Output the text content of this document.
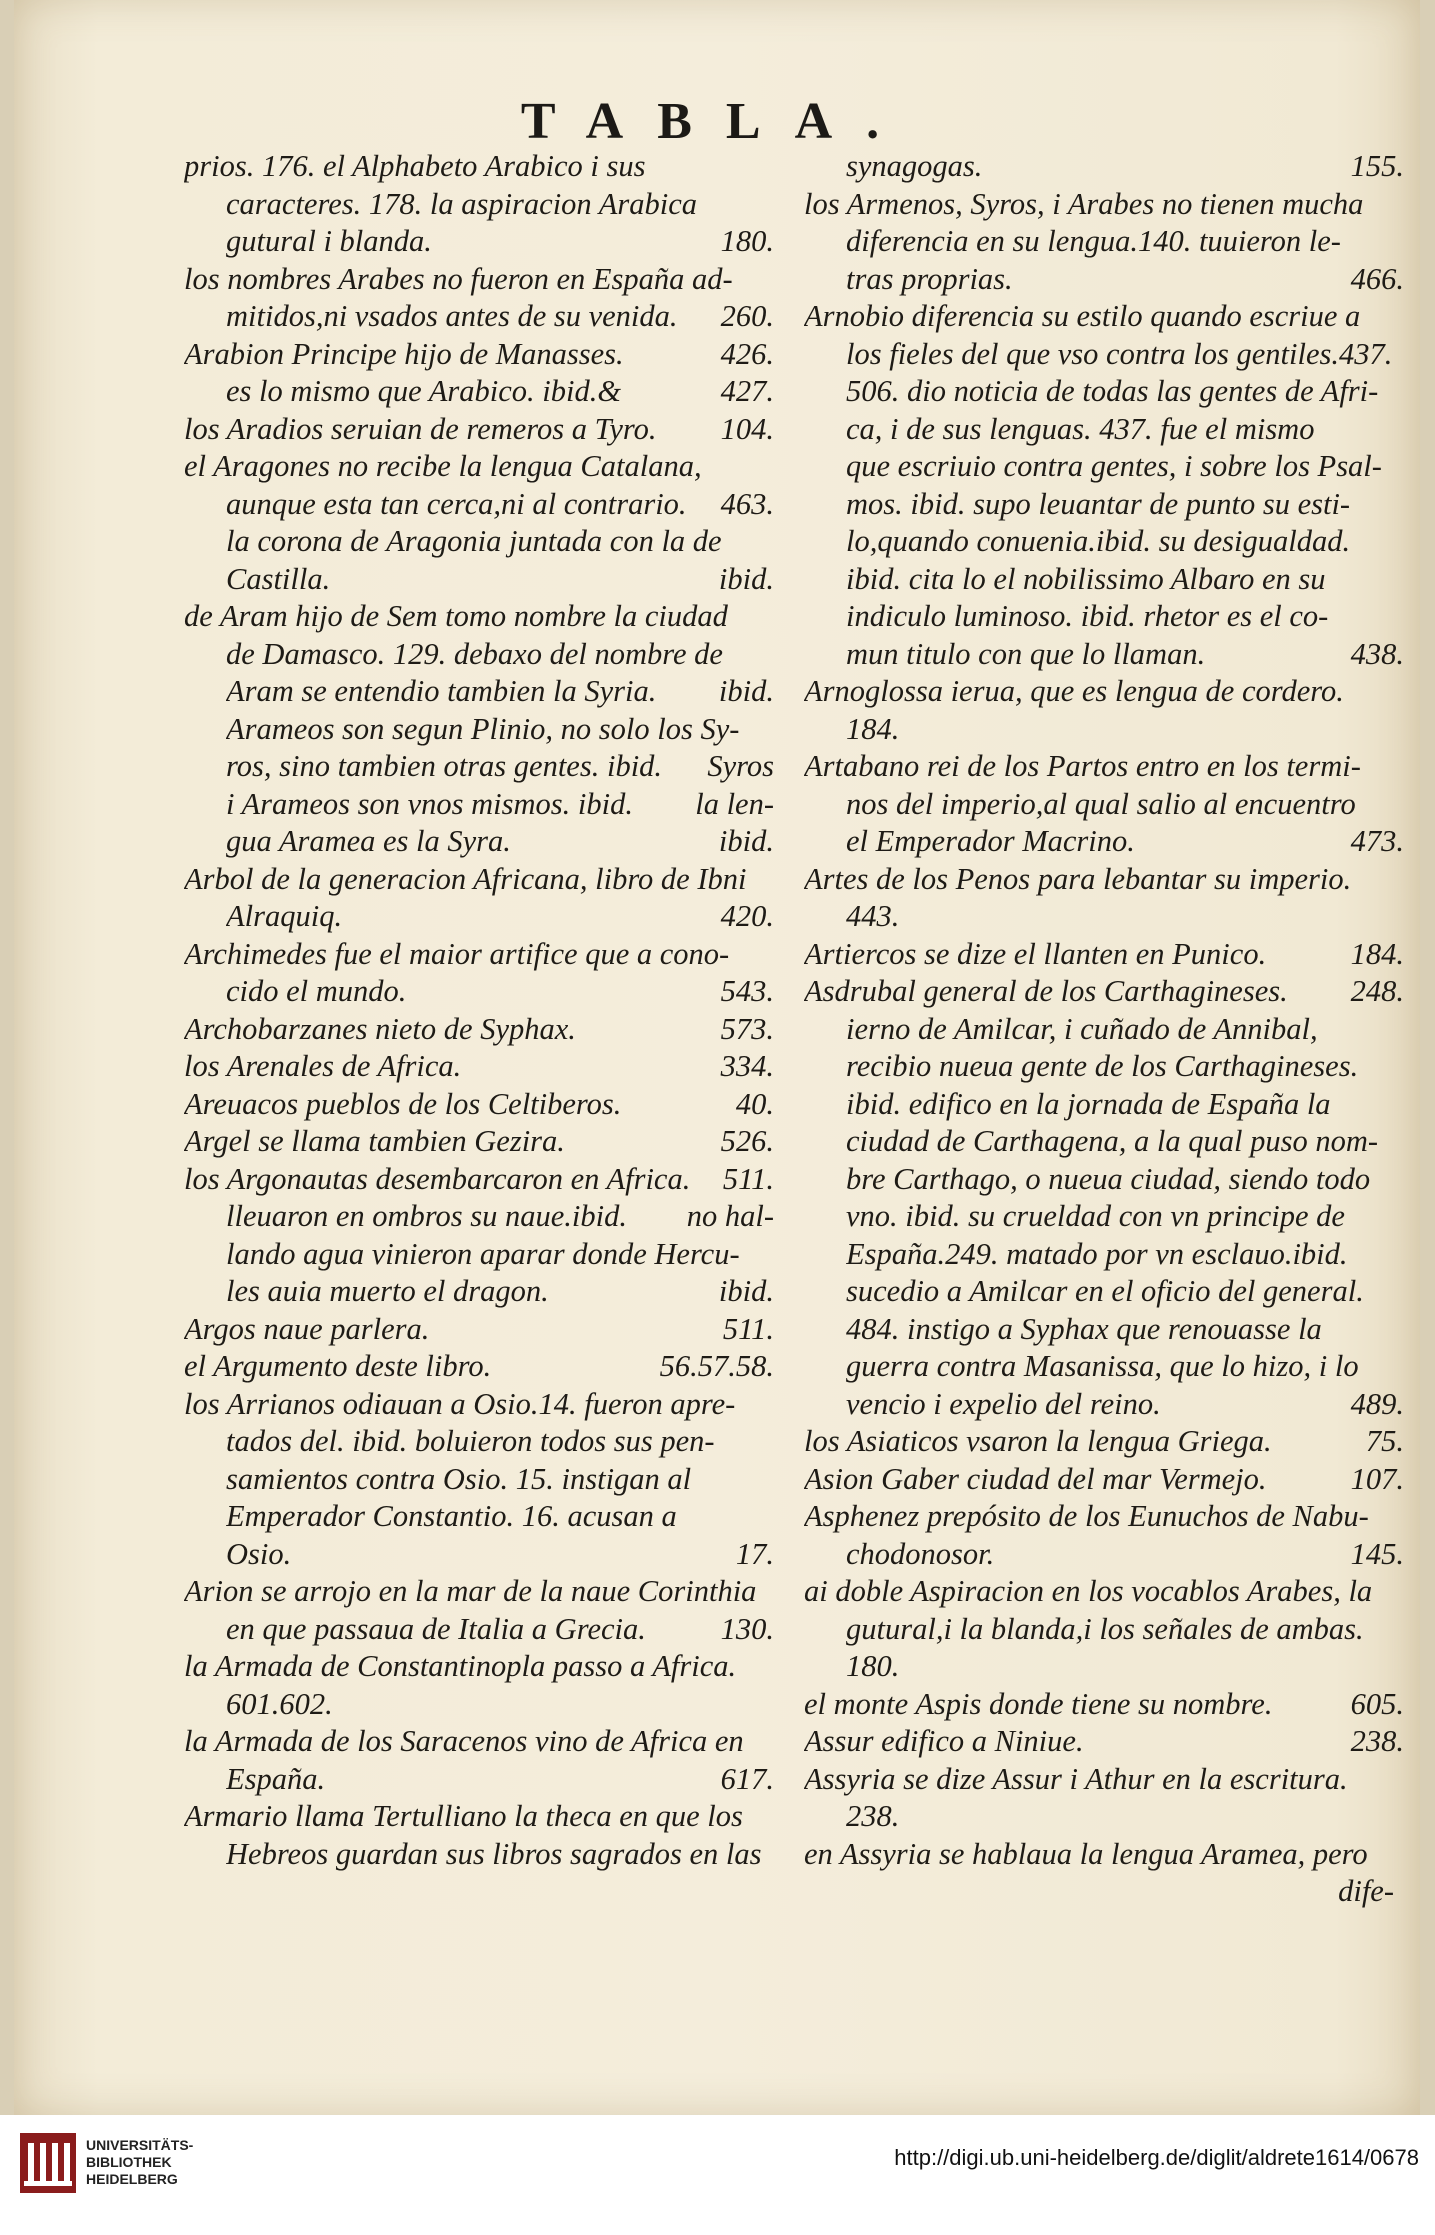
TABLA.
prios. 176. el Alphabeto Arabico i sus
caracteres. 178. la aspiracion Arabica
gutural i blanda.	180.
los nombres Arabes no fueron en España ad-
mitidos,ni vsados antes de su venida.	260.
Arabion Principe hijo de Manasses.	426.
es lo mismo que Arabico. ibid.&	427.
los Aradios seruian de remeros a Tyro.	104.
el Aragones no recibe la lengua Catalana,
aunque esta tan cerca,ni al contrario.	463.
la corona de Aragonia juntada con la de
Castilla.	ibid.
de Aram hijo de Sem tomo nombre la ciudad
de Damasco. 129. debaxo del nombre de
Aram se entendio tambien la Syria.	ibid.
Arameos son segun Plinio, no solo los Sy-
ros, sino tambien otras gentes. ibid.	Syros
i Arameos son vnos mismos. ibid.	la len-
gua Aramea es la Syra.	ibid.
Arbol de la generacion Africana, libro de Ibni
Alraquiq.	420.
Archimedes fue el maior artifice que a cono-
cido el mundo.	543.
Archobarzanes nieto de Syphax.	573.
los Arenales de Africa.	334.
Areuacos pueblos de los Celtiberos.	40.
Argel se llama tambien Gezira.	526.
los Argonautas desembarcaron en Africa.	511.
lleuaron en ombros su naue.ibid.	no hal-
lando agua vinieron aparar donde Hercu-
les auia muerto el dragon.	ibid.
Argos naue parlera.	511.
el Argumento deste libro.	56.57.58.
los Arrianos odiauan a Osio.14. fueron apre-
tados del. ibid. boluieron todos sus pen-
samientos contra Osio. 15. instigan al
Emperador Constantio. 16. acusan a
Osio.	17.
Arion se arrojo en la mar de la naue Corinthia
en que passaua de Italia a Grecia.	130.
la Armada de Constantinopla passo a Africa.
601.602.
la Armada de los Saracenos vino de Africa en
España.	617.
Armario llama Tertulliano la theca en que los
Hebreos guardan sus libros sagrados en las
synagogas.	155.
los Armenos, Syros, i Arabes no tienen mucha
diferencia en su lengua.140. tuuieron le-
tras proprias.	466.
Arnobio diferencia su estilo quando escriue a
los fieles del que vso contra los gentiles.437.
506. dio noticia de todas las gentes de Afri-
ca, i de sus lenguas. 437. fue el mismo
que escriuio contra gentes, i sobre los Psal-
mos. ibid. supo leuantar de punto su esti-
lo,quando conuenia.ibid. su desigualdad.
ibid. cita lo el nobilissimo Albaro en su
indiculo luminoso. ibid. rhetor es el co-
mun titulo con que lo llaman.	438.
Arnoglossa ierua, que es lengua de cordero.
184.
Artabano rei de los Partos entro en los termi-
nos del imperio,al qual salio al encuentro
el Emperador Macrino.	473.
Artes de los Penos para lebantar su imperio.
443.
Artiercos se dize el llanten en Punico.	184.
Asdrubal general de los Carthagineses.	248.
ierno de Amilcar, i cuñado de Annibal,
recibio nueua gente de los Carthagineses.
ibid. edifico en la jornada de España la
ciudad de Carthagena, a la qual puso nom-
bre Carthago, o nueua ciudad, siendo todo
vno. ibid. su crueldad con vn principe de
España.249. matado por vn esclauo.ibid.
sucedio a Amilcar en el oficio del general.
484. instigo a Syphax que renouasse la
guerra contra Masanissa, que lo hizo, i lo
vencio i expelio del reino.	489.
los Asiaticos vsaron la lengua Griega.	75.
Asion Gaber ciudad del mar Vermejo.	107.
Asphenez prepósito de los Eunuchos de Nabu-
chodonosor.	145.
ai doble Aspiracion en los vocablos Arabes, la
gutural,i la blanda,i los señales de ambas.
180.
el monte Aspis donde tiene su nombre.	605.
Assur edifico a Niniue.	238.
Assyria se dize Assur i Athur en la escritura.
238.
en Assyria se hablaua la lengua Aramea, pero
dife-
UNIVERSITÄTS-
BIBLIOTHEK
HEIDELBERG
http://digi.ub.uni-heidelberg.de/diglit/aldrete1614/0678
